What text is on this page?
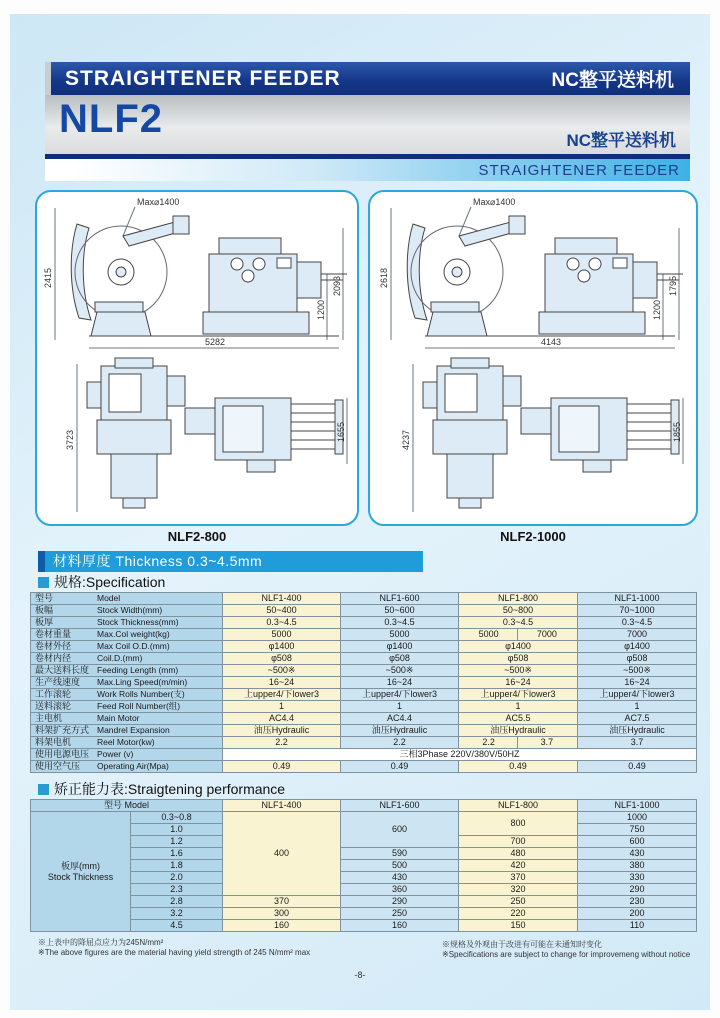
STRAIGHTENER FEEDER	NC整平送料机
NLF2	NC整平送料机
STRAIGHTENER FEEDER
Max⌀1400
2415	2093
1200
5282
3723	1655
Max⌀1400
2618	1795
1200
4143
4237	1855
NLF2-800	NLF2-1000
材料厚度 Thickness 0.3~4.5mm
规格:Specification
型号 Model	NLF1-400	NLF1-600	NLF1-800	NLF1-1000
板幅 Stock Width(mm)	50~400	50~600	50~800	70~1000
板厚 Stock Thickness(mm)	0.3~4.5	0.3~4.5	0.3~4.5	0.3~4.5
卷材重量 Max.Col weight(kg)	5000	5000	5000 7000	7000
卷材外径 Max Coil O.D.(mm)	φ1400	φ1400	φ1400	φ1400
卷材内径 Coil.D.(mm)	φ508	φ508	φ508	φ508
最大送料长度 Feeding Length (mm)	~500※	~500※	~500※	~500※
生产线速度 Max.Ling Speed(m/min)	16~24	16~24	16~24	16~24
工作滚轮 Work Rolls Number(支)	上upper4/下lower3	上upper4/下lower3	上upper4/下lower3	上upper4/下lower3
送料滚轮 Feed Roll Number(组)	1	1	1	1
主电机 Main Motor	AC4.4	AC4.4	AC5.5	AC7.5
料架扩充方式 Mandrel Expansion	油压Hydraulic	油压Hydraulic	油压Hydraulic	油压Hydraulic
料架电机 Reel Motor(kw)	2.2	2.2	2.2 3.7	3.7
使用电源电压 Power (v)	三相3Phase 220V/380V/50HZ			
使用空气压 Operating Air(Mpa)	0.49	0.49	0.49	0.49
矫正能力表:Straigtening performance
型号 Model		NLF1-400	NLF1-600	NLF1-800	NLF1-1000

板厚(mm)
Stock Thickness	0.3~0.8	400	600	800	1000
	1.0				750
	1.2			700	600
	1.6		590	480	430
	1.8		500	420	380
	2.0		430	370	330
	2.3		360	320	290
	2.8	370	290	250	230
	3.2	300	250	220	200
	4.5	160	160	150	110
※上表中的降屈点应力为245N/mm²
※The above figures are the material having yield strength of 245 N/mm² max
※规格及外观由于改进有可能在未通知时变化
※Specifications are subject to change for improvemeng without notice
-8-
